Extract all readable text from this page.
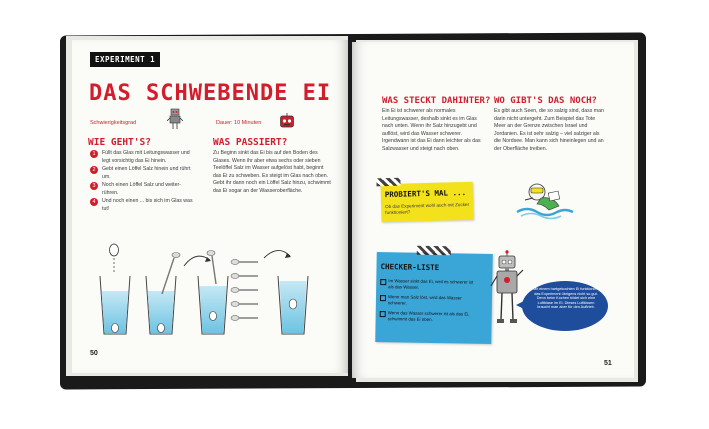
EXPERIMENT 1
DAS SCHWEBENDE EI
Schwierigkeitsgrad	Dauer: 10 Minuten
WIE GEHT'S?
1	Füllt das Glas mit Leitungswasser und legt vorsichtig das Ei hinein.
2	Gebt einen Löffel Salz hinein und rührt um.
3	Noch einen Löffel Salz und weiter-rühren.
4	Und noch einen ... bis sich im Glas was tut!
WAS PASSIERT?
Zu Beginn sinkt das Ei bis auf den Boden des Glases. Wenn ihr aber etwa sechs oder sieben Teelöffel Salz im Wasser aufgelöst habt, beginnt das Ei zu schweben. Es steigt im Glas nach oben. Gebt ihr dann noch ein Löffel Salz hinzu, schwimmt das Ei sogar an der Wasseroberfläche.
50
WAS STECKT DAHINTER?
Ein Ei ist schwerer als normales Leitungswasser, deshalb sinkt es im Glas nach unten. Wenn ihr Salz hinzugebt und auflöst, wird das Wasser schwerer. Irgendwann ist das Ei dann leichter als das Salzwasser und steigt nach oben.
WO GIBT'S DAS NOCH?
Es gibt auch Seen, die so salzig sind, dass man darin nicht untergeht. Zum Beispiel das Tote Meer an der Grenze zwischen Israel und Jordanien. Es ist sehr salzig – viel salziger als die Nordsee. Man kann sich hineinlegen und an der Oberfläche treiben.
PROBIERT'S MAL ...
Ob das Experiment wohl auch mit Zucker funktioniert?
CHECKER-LISTE
Im Wasser sinkt das Ei, weil es schwerer ist als das Wasser.
Wenn man Salz löst, wird das Wasser schwerer.
Wenn das Wasser schwerer ist als das Ei, schwimmt das Ei oben.
Mit einem hartgekochten Ei funktioniert das Experiment übrigens nicht so gut. Denn beim Kochen bildet sich eine Luftblase im Ei. Dieses Luftkissen braucht man aber für den Auftrieb.
51
